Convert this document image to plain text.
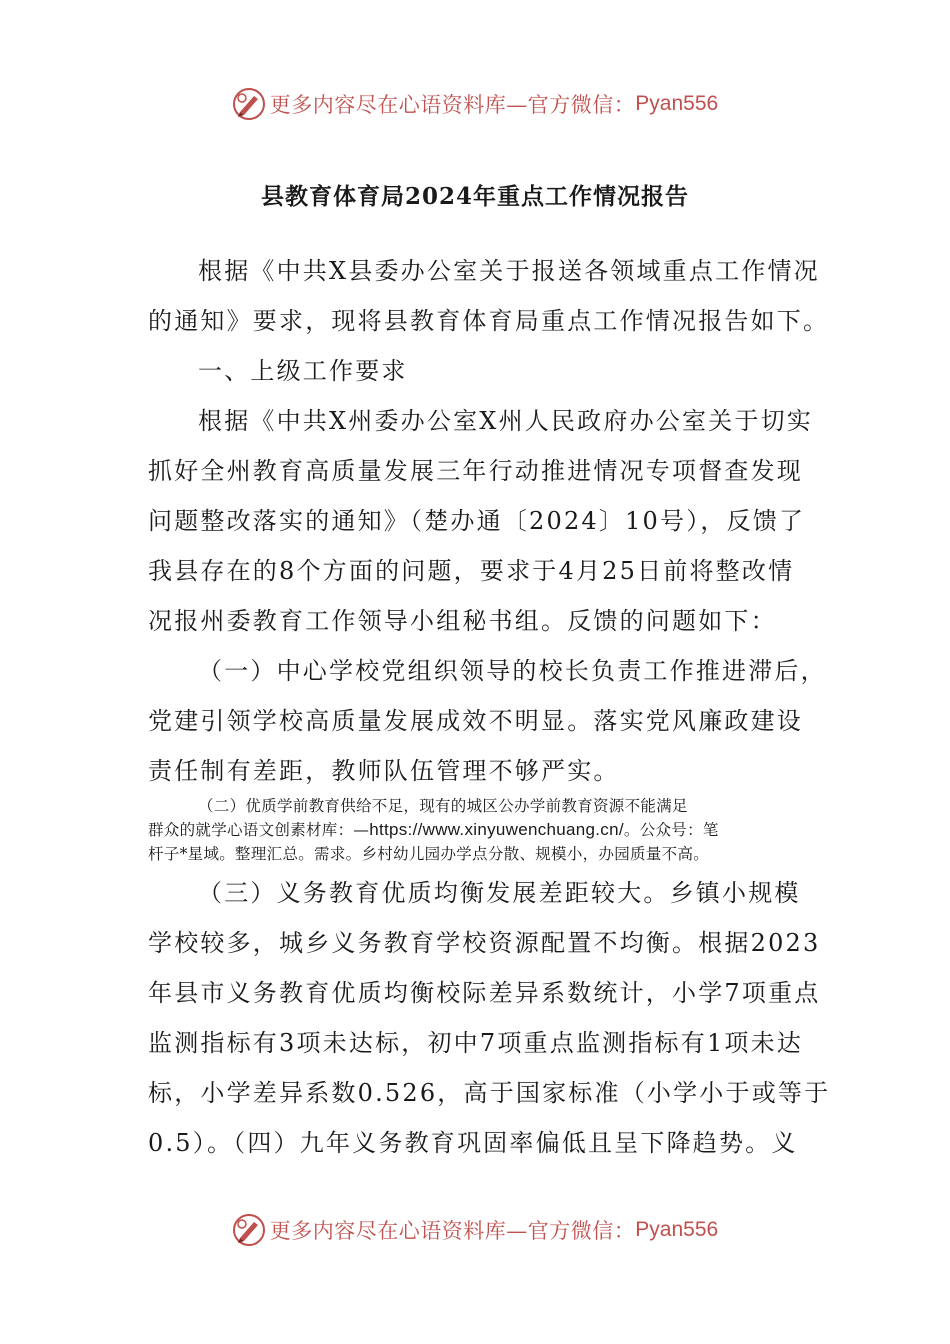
更多内容尽在心语资料库—官方微信： Pyan556
县教育体育局2024年重点工作情况报告
根据《中共X县委办公室关于报送各领域重点工作情况
的通知》要求，现将县教育体育局重点工作情况报告如下。
一、上级工作要求
根据《中共X州委办公室X州人民政府办公室关于切实
抓好全州教育高质量发展三年行动推进情况专项督查发现
问题整改落实的通知》（楚办通〔2024〕10号），反馈了
我县存在的8个方面的问题，要求于4月25日前将整改情
况报州委教育工作领导小组秘书组。反馈的问题如下：
（一）中心学校党组织领导的校长负责工作推进滞后，
党建引领学校高质量发展成效不明显。落实党风廉政建设
责任制有差距，教师队伍管理不够严实。
（二）优质学前教育供给不足，现有的城区公办学前教育资源不能满足
群众的就学心语文创素材库：—https://www.xinyuwenchuang.cn/。公众号：笔
杆子*星域。整理汇总。需求。乡村幼儿园办学点分散、规模小，办园质量不高。
（三）义务教育优质均衡发展差距较大。乡镇小规模
学校较多，城乡义务教育学校资源配置不均衡。根据2023
年县市义务教育优质均衡校际差异系数统计，小学7项重点
监测指标有3项未达标，初中7项重点监测指标有1项未达
标，小学差异系数0.526，高于国家标准（小学小于或等于
0.5）。（四）九年义务教育巩固率偏低且呈下降趋势。义
更多内容尽在心语资料库—官方微信： Pyan556
